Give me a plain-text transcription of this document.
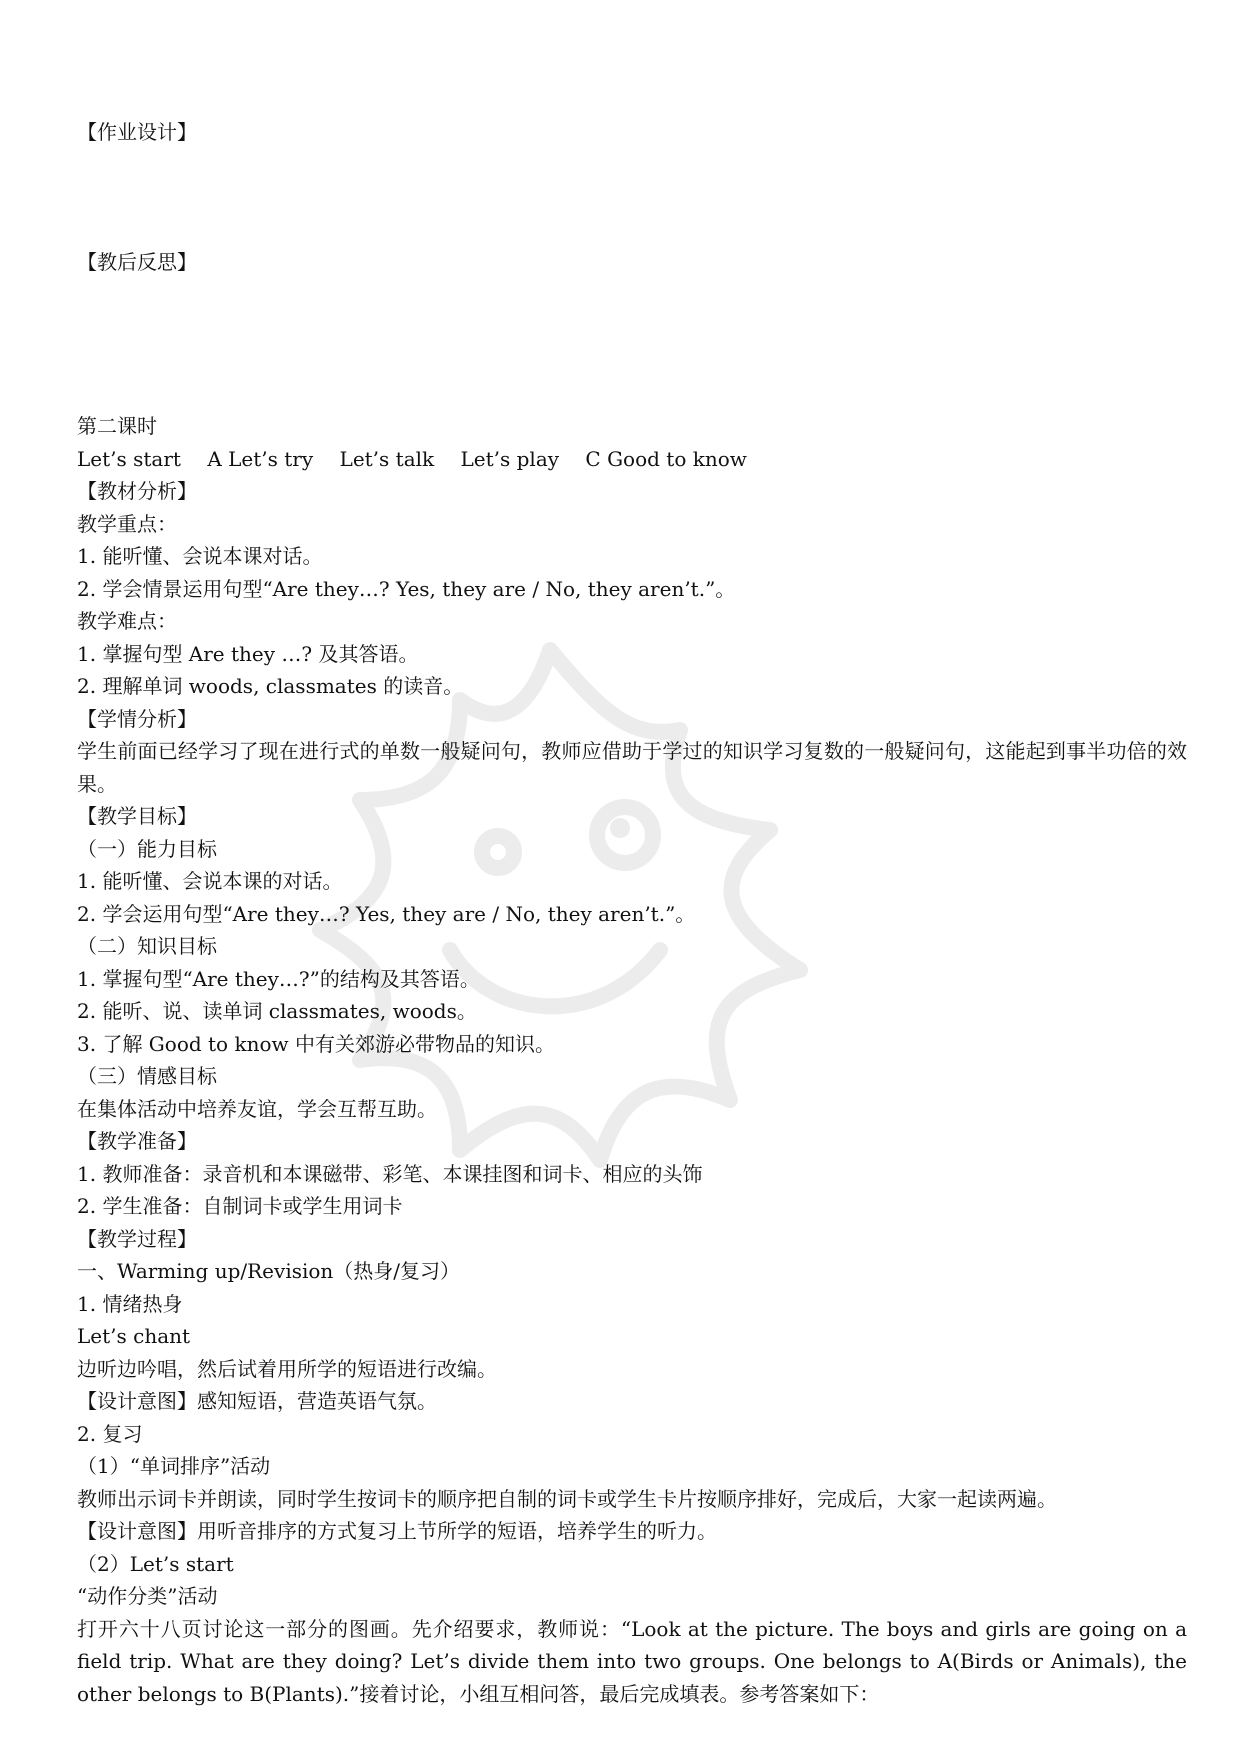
【作业设计】
【教后反思】

第二课时

Let’s start A Let’s try Let’s talk Let’s play C Good to know

【教材分析】

教学重点：

1. 能听懂、会说本课对话。

2. 学会情景运用句型“Are they…? Yes, they are / No, they aren’t.”。

教学难点：

1. 掌握句型 Are they …? 及其答语。

2. 理解单词 woods, classmates 的读音。

【学情分析】

学生前面已经学习了现在进行式的单数一般疑问句，教师应借助于学过的知识学习复数的一般疑问句，这能起到事半功倍的效果。

【教学目标】

（一）能力目标

1. 能听懂、会说本课的对话。

2. 学会运用句型“Are they…? Yes, they are / No, they aren’t.”。

（二）知识目标

1. 掌握句型“Are they…?”的结构及其答语。

2. 能听、说、读单词 classmates, woods。

3. 了解 Good to know 中有关郊游必带物品的知识。

（三）情感目标

在集体活动中培养友谊，学会互帮互助。

【教学准备】

1. 教师准备：录音机和本课磁带、彩笔、本课挂图和词卡、相应的头饰

2. 学生准备：自制词卡或学生用词卡

【教学过程】

一、Warming up/Revision（热身/复习）

1. 情绪热身

Let’s chant

边听边吟唱，然后试着用所学的短语进行改编。

【设计意图】感知短语，营造英语气氛。

2. 复习

（1）“单词排序”活动

教师出示词卡并朗读，同时学生按词卡的顺序把自制的词卡或学生卡片按顺序排好，完成后，大家一起读两遍。

【设计意图】用听音排序的方式复习上节所学的短语，培养学生的听力。

（2）Let’s start

“动作分类”活动

打开六十八页讨论这一部分的图画。先介绍要求，教师说：“Look at the picture. The boys and girls are going on a field trip. What are they doing? Let’s divide them into two groups. One belongs to A(Birds or Animals), the other belongs to B(Plants).”接着讨论，小组互相问答，最后完成填表。参考答案如下：
